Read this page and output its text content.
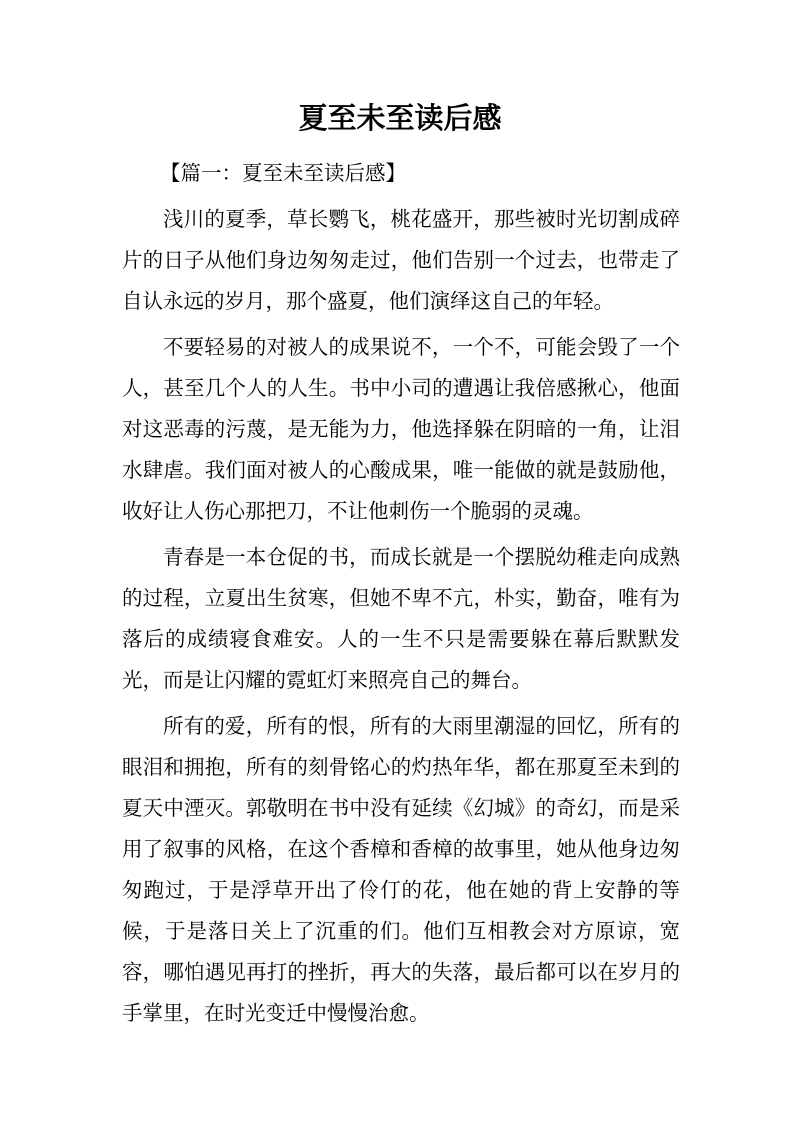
夏至未至读后感

【篇一：夏至未至读后感】

浅川的夏季，草长鹦飞，桃花盛开，那些被时光切割成碎片的日子从他们身边匆匆走过，他们告别一个过去，也带走了自认永远的岁月，那个盛夏，他们演绎这自己的年轻。

不要轻易的对被人的成果说不，一个不，可能会毁了一个人，甚至几个人的人生。书中小司的遭遇让我倍感揪心，他面对这恶毒的污蔑，是无能为力，他选择躲在阴暗的一角，让泪水肆虐。我们面对被人的心酸成果，唯一能做的就是鼓励他，收好让人伤心那把刀，不让他刺伤一个脆弱的灵魂。

青春是一本仓促的书，而成长就是一个摆脱幼稚走向成熟的过程，立夏出生贫寒，但她不卑不亢，朴实，勤奋，唯有为落后的成绩寝食难安。人的一生不只是需要躲在幕后默默发光，而是让闪耀的霓虹灯来照亮自己的舞台。

所有的爱，所有的恨，所有的大雨里潮湿的回忆，所有的眼泪和拥抱，所有的刻骨铭心的灼热年华，都在那夏至未到的夏天中湮灭。郭敬明在书中没有延续《幻城》的奇幻，而是采用了叙事的风格，在这个香樟和香樟的故事里，她从他身边匆匆跑过，于是浮草开出了伶仃的花，他在她的背上安静的等候，于是落日关上了沉重的们。他们互相教会对方原谅，宽容，哪怕遇见再打的挫折，再大的失落，最后都可以在岁月的手掌里，在时光变迁中慢慢治愈。
